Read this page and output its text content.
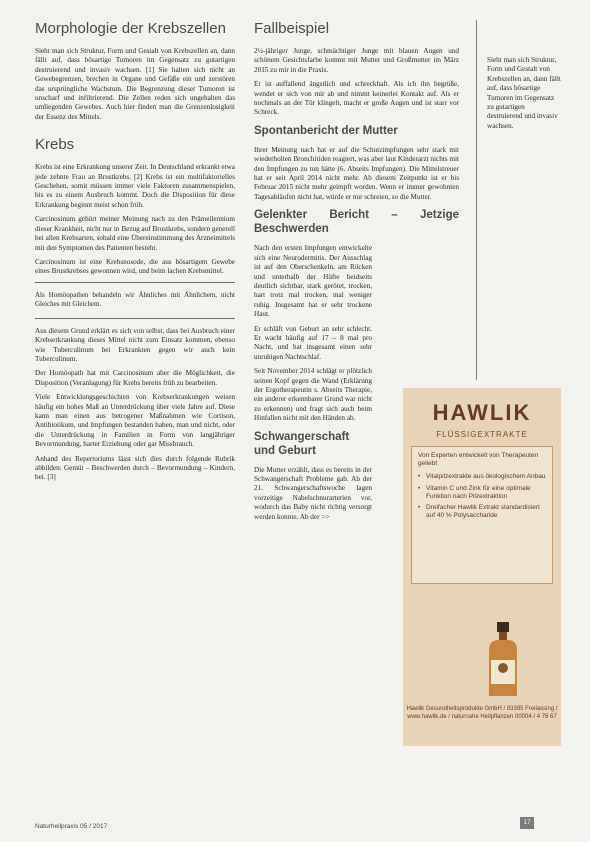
Morphologie der Krebszellen

Sieht man sich Struktur, Form und Gestalt von Krebszellen an, dann fällt auf, dass bösartige Tumoren im Gegensatz zu gutartigen destruierend und invasiv wachsen. [1] Sie halten sich nicht an Gewebegrenzen, brechen in Organe und Gefäße ein und zerstören das ursprüngliche Wachstum. Die Begrenzung dieser Tumoren ist unscharf und infiltrierend. Die Zellen reden sich ungehalten das umliegenden Gewebes. Auch hier finden man die Grenzenlosigkeit der Essenz des Mittels.

Krebs

Krebs ist eine Erkrankung unserer Zeit. In Deutschland erkrankt etwa jede zehnte Frau an Brustkrebs. [2] Krebs ist ein multifaktorielles Geschehen, somit müssen immer viele Faktoren zusammenspielen, bis es zu einem Ausbruch kommt. Doch die Disposition für diese Erkrankung beginnt meist schon früh.

Carcinosinum gehört meiner Meinung nach zu den Prämeilennium dieser Krankheit, nicht nur in Bezug auf Brustkrebs, sondern generell bei allen Krebsarten, sobald eine Übereinstimmung des Arzneimittels mit den Symptomen des Patienten besteht.

Carcinosinum ist eine Krebsnosode, die aus bösartigem Gewebe eines Brustkrebses gewonnen wird, und beim lachen Krebsmittel.

Als Homöopathen behandeln wir Ähnliches mit Ähnlichem, nicht Gleiches mit Gleichem.

Aus diesem Grund erklärt es sich von selbst, dass bei Ausbruch einer Krebserkrankung dieses Mittel nicht zum Einsatz kommen, ebenso wie Tuberculinum bei Erkrankten gegen wir auch kein Tuberculinum.

Der Homöopath hat mit Carcinosinum aber die Möglichkeit, die Disposition (Veranlagung) für Krebs bereits früh zu bearbeiten.

Viele Entwicklungsgeschichten von Krebserkrankungen weisen häufig ein hohes Maß an Unterdrückung über viele Jahre auf. Diese kann man einen aus betrogener Maßnahmen wie Cortison, Antibiotikum, und Impfungen bestanden haben, man und nicht, oder die Unterdrückung in Familien in Form von langjähriger Bevormundung, harter Erziehung oder gar Missbrauch.

Anhand des Repertoriums lässt sich dies durch folgende Rubrik abbilden: Gemüt – Beschwerden durch – Bevormundung – Kindern, bei. [3]

Fallbeispiel

2½-jähriger Junge, schmächtiger Junge mit blauen Augen und schönem Gesichtsfarbe kommt mit Mutter und Großmutter im März 2015 zu mir in die Praxis.

Er ist auffallend ängstlich und schreckhaft. Als ich ihn begrüße, wendet er sich von mir ab und nimmt keinerlei Kontakt auf. Als er nochmals an der Tür klingelt, macht er große Augen und ist starr vor Schreck.

Spontanbericht der Mutter

Ihrer Meinung nach hat er auf die Schutzimpfungen sehr stark mit wiederholten Bronchitiden reagiert, was aber laut Kinderarzt nichts mit den Impfungen zu tun hätte (6. Abseits Impfungen). Die Mittelstreuer hat er seit April 2014 nicht mehr. Ab diesem Zeitpunkt ist er bis Februar 2015 nicht mehr geimpft worden. Wenn er immer gewohnten Tagesabläufen nicht hat, würde er nur schreien, so die Mutter.

Gelenkter Bericht – Jetzige Beschwerden

Nach den ersten Impfungen entwickelte sich eine Neurodermitis. Der Ausschlag ist auf den Oberschenkeln, am Rücken und unterhalb der Hüfte beidseits deutlich sichtbar, stark gerötet, trocken, hart trotz mal trocken, mal weniger ruhig. Insgesamt hat er sehr trockene Haut.

Er schläft von Geburt an sehr schlecht. Er wacht häufig auf 17 – 8 mal pro Nacht, und hat insgesamt einen sehr unruhigen Nachtschlaf.

Seit November 2014 schlägt er plötzlich seinen Kopf gegen die Wand (Erklärung der Ergotherapeutin s. Abseits Therapie, ein anderer erkennbarer Grund war nicht zu erkennen) und fragt sich auch beim Hinfallen nicht mit den Händen ab.

Schwangerschaft und Geburt

Die Mutter erzählt, dass es bereits in der Schwangerschaft Probleme gab. Ab der 21. Schwangerschaftswoche lagen vorzeitige Nabelschnurarterien vor, wodurch das Baby nicht richtig versorgt werden konnte. Ab der >>

Sieht man sich Struktur, Form und Gestalt von Krebszellen an, dann fällt auf, dass bösartige Tumoren im Gegensatz zu gutartigen destruierend und invasiv wachsen.

HAWLIK
FLÜSSIGEXTRAKTE
Von Experten entwickelt von Therapeuten geliebt
• Vitalpilzextrakte aus ökologischem Anbau
• Vitamin C und Zink für eine optimale Funktion nach Pilzextraktion
• Dreifacher Hawlik Extrakt standardisiert auf 40 % Polysaccharide
Hawlik Gesundheitsprodukte GmbH / 83395 Freilassing / www.hawlik.de / naturnahe Heilpflanzen 00004 / 4 78 67
Naturheilpraxis 05 / 2017
17
